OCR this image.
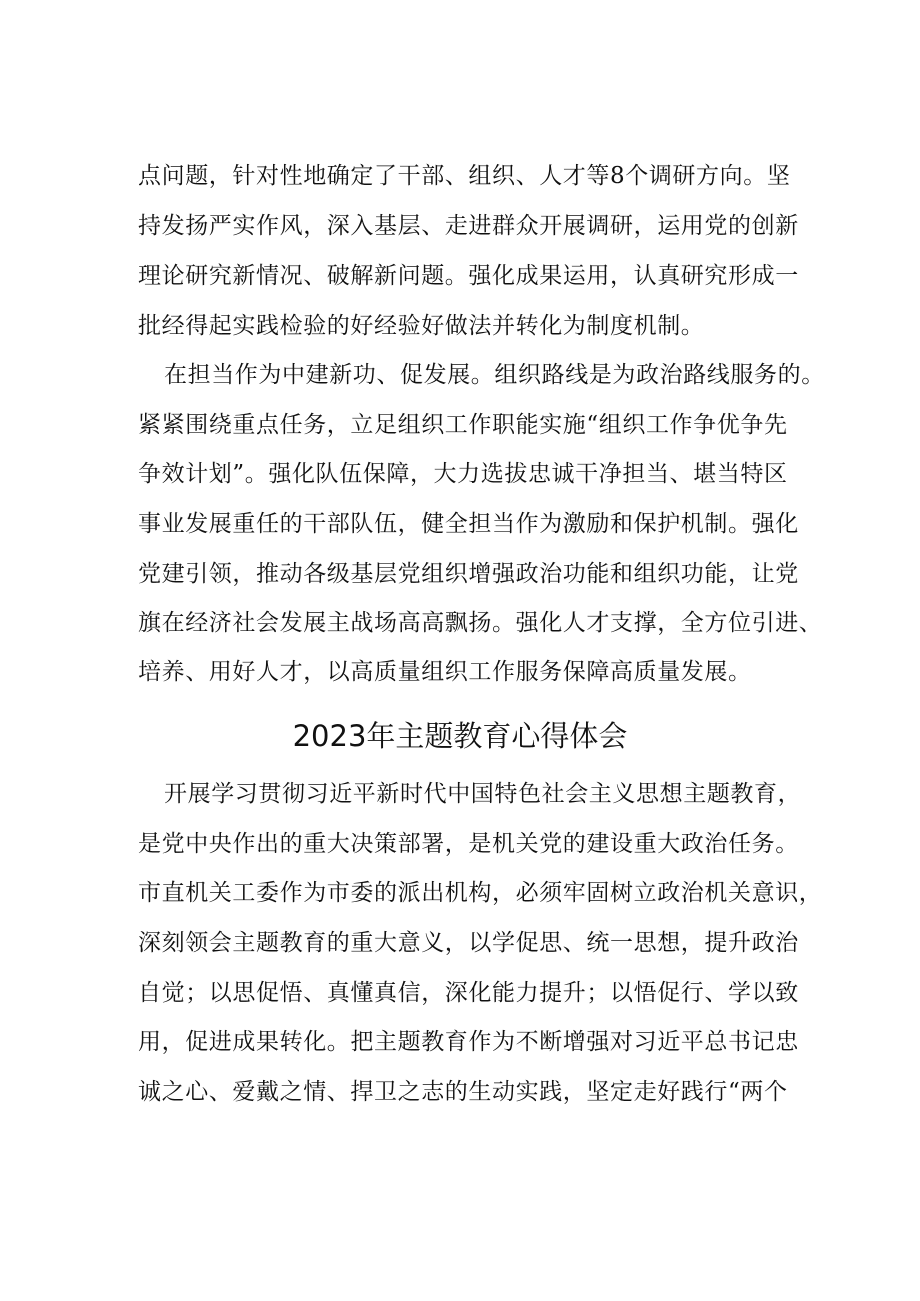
点问题，针对性地确定了干部、组织、人才等8个调研方向。坚
持发扬严实作风，深入基层、走进群众开展调研，运用党的创新
理论研究新情况、破解新问题。强化成果运用，认真研究形成一
批经得起实践检验的好经验好做法并转化为制度机制。
在担当作为中建新功、促发展。组织路线是为政治路线服务的。
紧紧围绕重点任务，立足组织工作职能实施“组织工作争优争先
争效计划”。强化队伍保障，大力选拔忠诚干净担当、堪当特区
事业发展重任的干部队伍，健全担当作为激励和保护机制。强化
党建引领，推动各级基层党组织增强政治功能和组织功能，让党
旗在经济社会发展主战场高高飘扬。强化人才支撑，全方位引进、
培养、用好人才，以高质量组织工作服务保障高质量发展。
2023年主题教育心得体会
开展学习贯彻习近平新时代中国特色社会主义思想主题教育，
是党中央作出的重大决策部署，是机关党的建设重大政治任务。
市直机关工委作为市委的派出机构，必须牢固树立政治机关意识，
深刻领会主题教育的重大意义，以学促思、统一思想，提升政治
自觉；以思促悟、真懂真信，深化能力提升；以悟促行、学以致
用，促进成果转化。把主题教育作为不断增强对习近平总书记忠
诚之心、爱戴之情、捍卫之志的生动实践，坚定走好践行“两个
